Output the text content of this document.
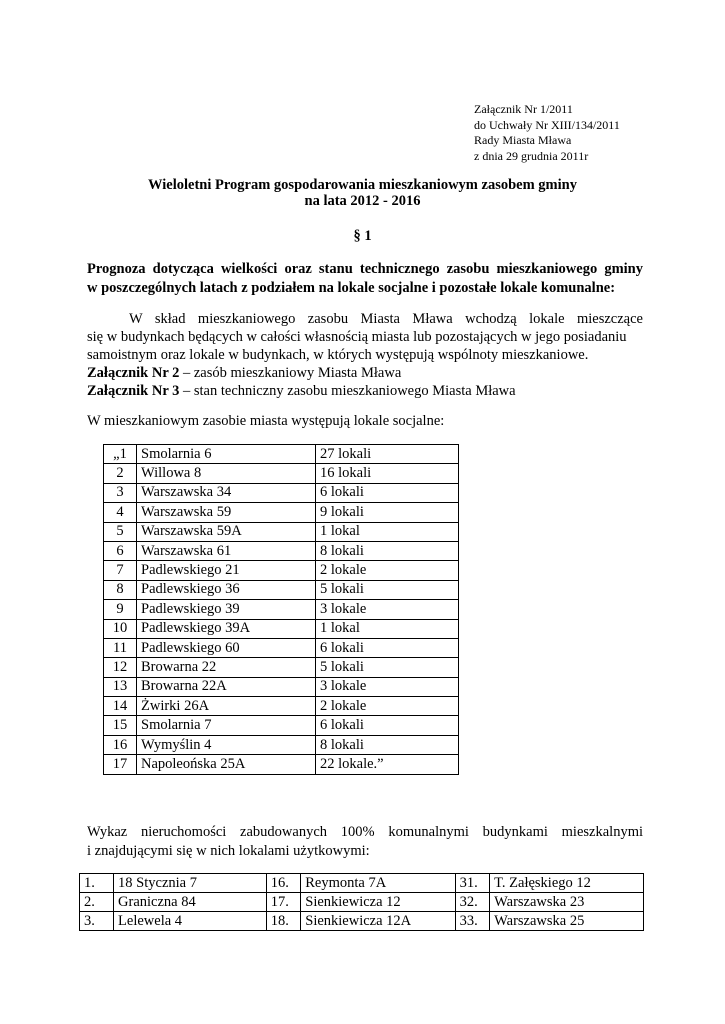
Załącznik Nr 1/2011
do Uchwały Nr XIII/134/2011
Rady Miasta Mława
z dnia 29 grudnia 2011r
Wieloletni Program gospodarowania mieszkaniowym zasobem gminy
na lata 2012 - 2016
§ 1
Prognoza dotycząca wielkości oraz stanu technicznego zasobu mieszkaniowego gminy
w poszczególnych latach z podziałem na lokale socjalne i pozostałe lokale komunalne:
W skład mieszkaniowego zasobu Miasta Mława wchodzą lokale mieszczące
się w budynkach będących w całości własnością miasta lub pozostających w jego posiadaniu
samoistnym oraz lokale w budynkach, w których występują wspólnoty mieszkaniowe.
Załącznik Nr 2 – zasób mieszkaniowy Miasta Mława
Załącznik Nr 3 – stan techniczny zasobu mieszkaniowego Miasta Mława
W mieszkaniowym zasobie miasta występują lokale socjalne:
„1	Smolarnia 6	27 lokali
2	Willowa 8	16 lokali
3	Warszawska 34	6 lokali
4	Warszawska 59	9 lokali
5	Warszawska 59A	1 lokal
6	Warszawska 61	8 lokali
7	Padlewskiego 21	2 lokale
8	Padlewskiego 36	5 lokali
9	Padlewskiego 39	3 lokale
10	Padlewskiego 39A	1 lokal
11	Padlewskiego 60	6 lokali
12	Browarna 22	5 lokali
13	Browarna 22A	3 lokale
14	Żwirki 26A	2 lokale
15	Smolarnia 7	6 lokali
16	Wymyślin 4	8 lokali
17	Napoleońska 25A	22 lokale.”
Wykaz nieruchomości zabudowanych 100% komunalnymi budynkami mieszkalnymi
i znajdującymi się w nich lokalami użytkowymi:
1.	18 Stycznia 7	16.	Reymonta 7A	31.	T. Załęskiego 12
2.	Graniczna 84	17.	Sienkiewicza 12	32.	Warszawska 23
3.	Lelewela 4	18.	Sienkiewicza 12A	33.	Warszawska 25
